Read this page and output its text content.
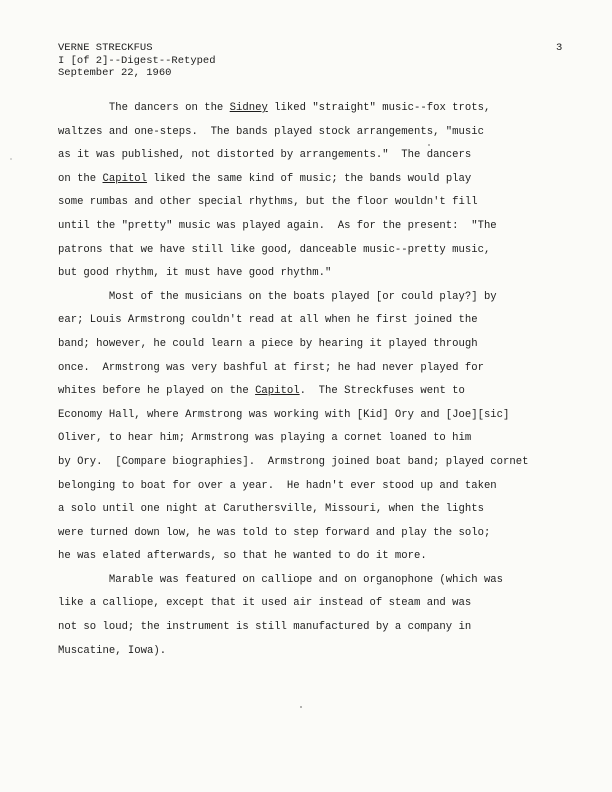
VERNE STRECKFUS
I [of 2]--Digest--Retyped
September 22, 1960
3
The dancers on the Sidney liked "straight" music--fox trots,
waltzes and one-steps.  The bands played stock arrangements, "music
as it was published, not distorted by arrangements."  The dancers
on the Capitol liked the same kind of music; the bands would play
some rumbas and other special rhythms, but the floor wouldn't fill
until the "pretty" music was played again.  As for the present:  "The
patrons that we have still like good, danceable music--pretty music,
but good rhythm, it must have good rhythm."
Most of the musicians on the boats played [or could play?] by
ear; Louis Armstrong couldn't read at all when he first joined the
band; however, he could learn a piece by hearing it played through
once.  Armstrong was very bashful at first; he had never played for
whites before he played on the Capitol.  The Streckfuses went to
Economy Hall, where Armstrong was working with [Kid] Ory and [Joe][sic]
Oliver, to hear him; Armstrong was playing a cornet loaned to him
by Ory.  [Compare biographies].  Armstrong joined boat band; played cornet
belonging to boat for over a year.  He hadn't ever stood up and taken
a solo until one night at Caruthersville, Missouri, when the lights
were turned down low, he was told to step forward and play the solo;
he was elated afterwards, so that he wanted to do it more.
Marable was featured on calliope and on organophone (which was
like a calliope, except that it used air instead of steam and was
not so loud; the instrument is still manufactured by a company in
Muscatine, Iowa).
